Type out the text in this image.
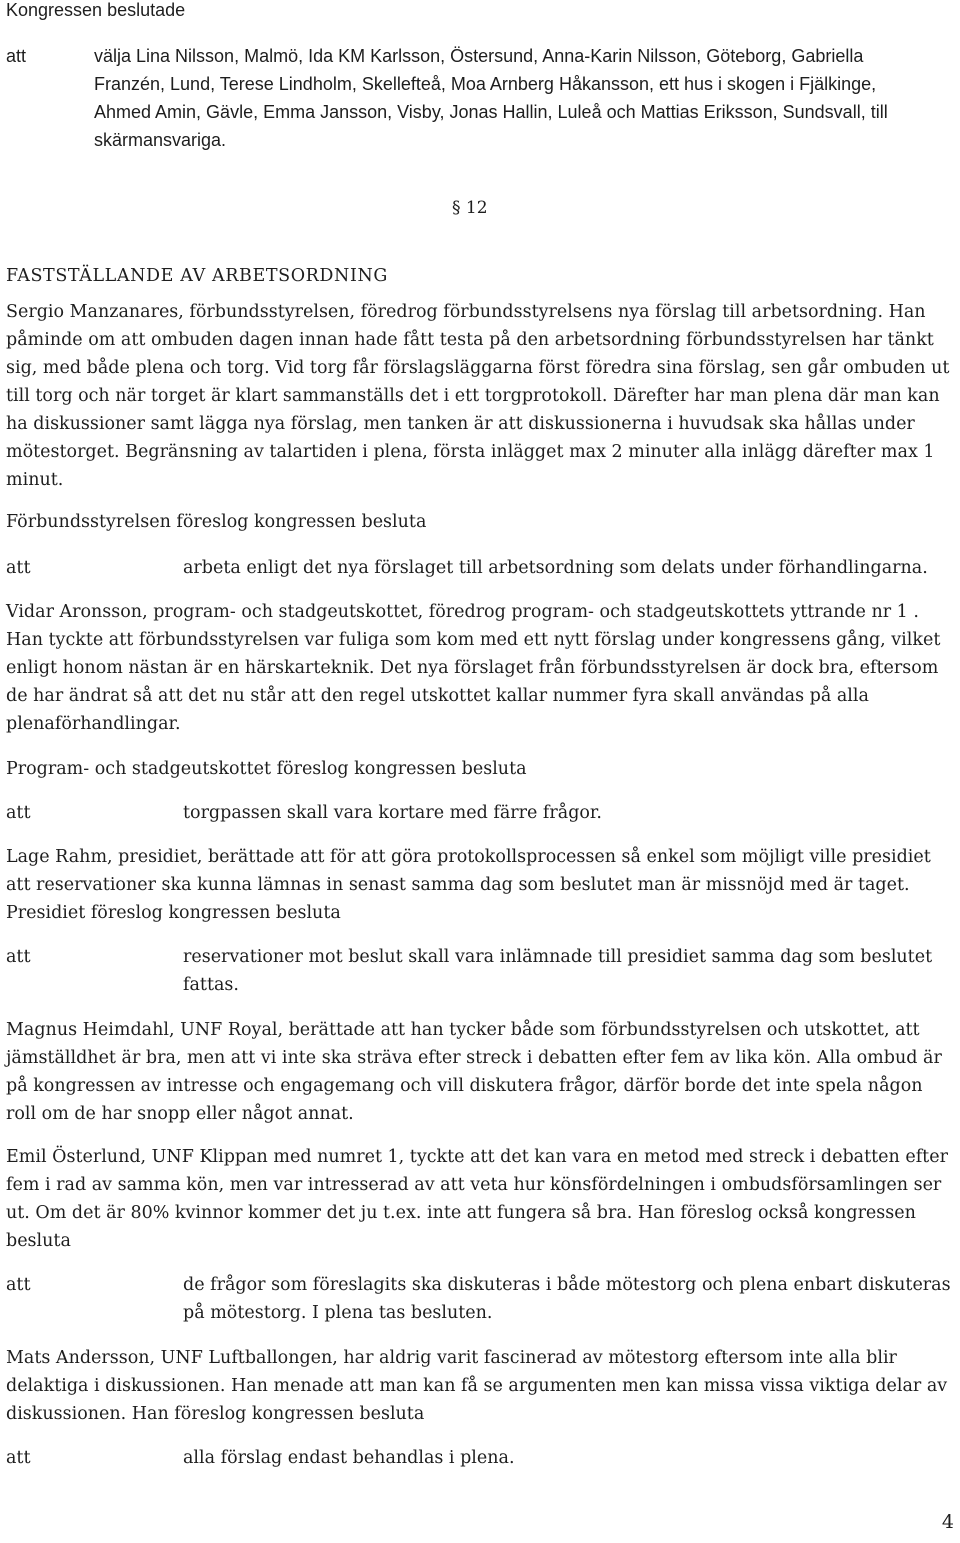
Kongressen beslutade

att	välja Lina Nilsson, Malmö, Ida KM Karlsson, Östersund, Anna-Karin Nilsson, Göteborg, Gabriella Franzén, Lund, Terese Lindholm, Skellefteå, Moa Arnberg Håkansson, ett hus i skogen i Fjälkinge, Ahmed Amin, Gävle, Emma Jansson, Visby, Jonas Hallin, Luleå och Mattias Eriksson, Sundsvall, till skärmansvariga.
§ 12
FASTSTÄLLANDE AV ARBETSORDNING

Sergio Manzanares, förbundsstyrelsen, föredrog förbundsstyrelsens nya förslag till arbetsordning. Han påminde om att ombuden dagen innan hade fått testa på den arbetsordning förbundsstyrelsen har tänkt sig, med både plena och torg. Vid torg får förslagsläggarna först föredra sina förslag, sen går ombuden ut till torg och när torget är klart sammanställs det i ett torgprotokoll. Därefter har man plena där man kan ha diskussioner samt lägga nya förslag, men tanken är att diskussionerna i huvudsak ska hållas under mötestorget. Begränsning av talartiden i plena, första inlägget max 2 minuter alla inlägg därefter max 1 minut.

Förbundsstyrelsen föreslog kongressen besluta

att	arbeta enligt det nya förslaget till arbetsordning som delats under förhandlingarna.

Vidar Aronsson, program- och stadgeutskottet, föredrog program- och stadgeutskottets yttrande nr 1 . Han tyckte att förbundsstyrelsen var fuliga som kom med ett nytt förslag under kongressens gång, vilket enligt honom nästan är en härskarteknik. Det nya förslaget från förbundsstyrelsen är dock bra, eftersom de har ändrat så att det nu står att den regel utskottet kallar nummer fyra skall användas på alla plenaförhandlingar.

Program- och stadgeutskottet föreslog kongressen besluta

att	torgpassen skall vara kortare med färre frågor.

Lage Rahm, presidiet, berättade att för att göra protokollsprocessen så enkel som möjligt ville presidiet att reservationer ska kunna lämnas in senast samma dag som beslutet man är missnöjd med är taget. Presidiet föreslog kongressen besluta

att	reservationer mot beslut skall vara inlämnade till presidiet samma dag som beslutet fattas.

Magnus Heimdahl, UNF Royal, berättade att han tycker både som förbundsstyrelsen och utskottet, att jämställdhet är bra, men att vi inte ska sträva efter streck i debatten efter fem av lika kön. Alla ombud är på kongressen av intresse och engagemang och vill diskutera frågor, därför borde det inte spela någon roll om de har snopp eller något annat.

Emil Österlund, UNF Klippan med numret 1, tyckte att det kan vara en metod med streck i debatten efter fem i rad av samma kön, men var intresserad av att veta hur könsfördelningen i ombudsförsamlingen ser ut. Om det är 80% kvinnor kommer det ju t.ex. inte att fungera så bra. Han föreslog också kongressen besluta

att	de frågor som föreslagits ska diskuteras i både mötestorg och plena enbart diskuteras på mötestorg. I plena tas besluten.

Mats Andersson, UNF Luftballongen, har aldrig varit fascinerad av mötestorg eftersom inte alla blir delaktiga i diskussionen. Han menade att man kan få se argumenten men kan missa vissa viktiga delar av diskussionen. Han föreslog kongressen besluta

att	alla förslag endast behandlas i plena.
4
